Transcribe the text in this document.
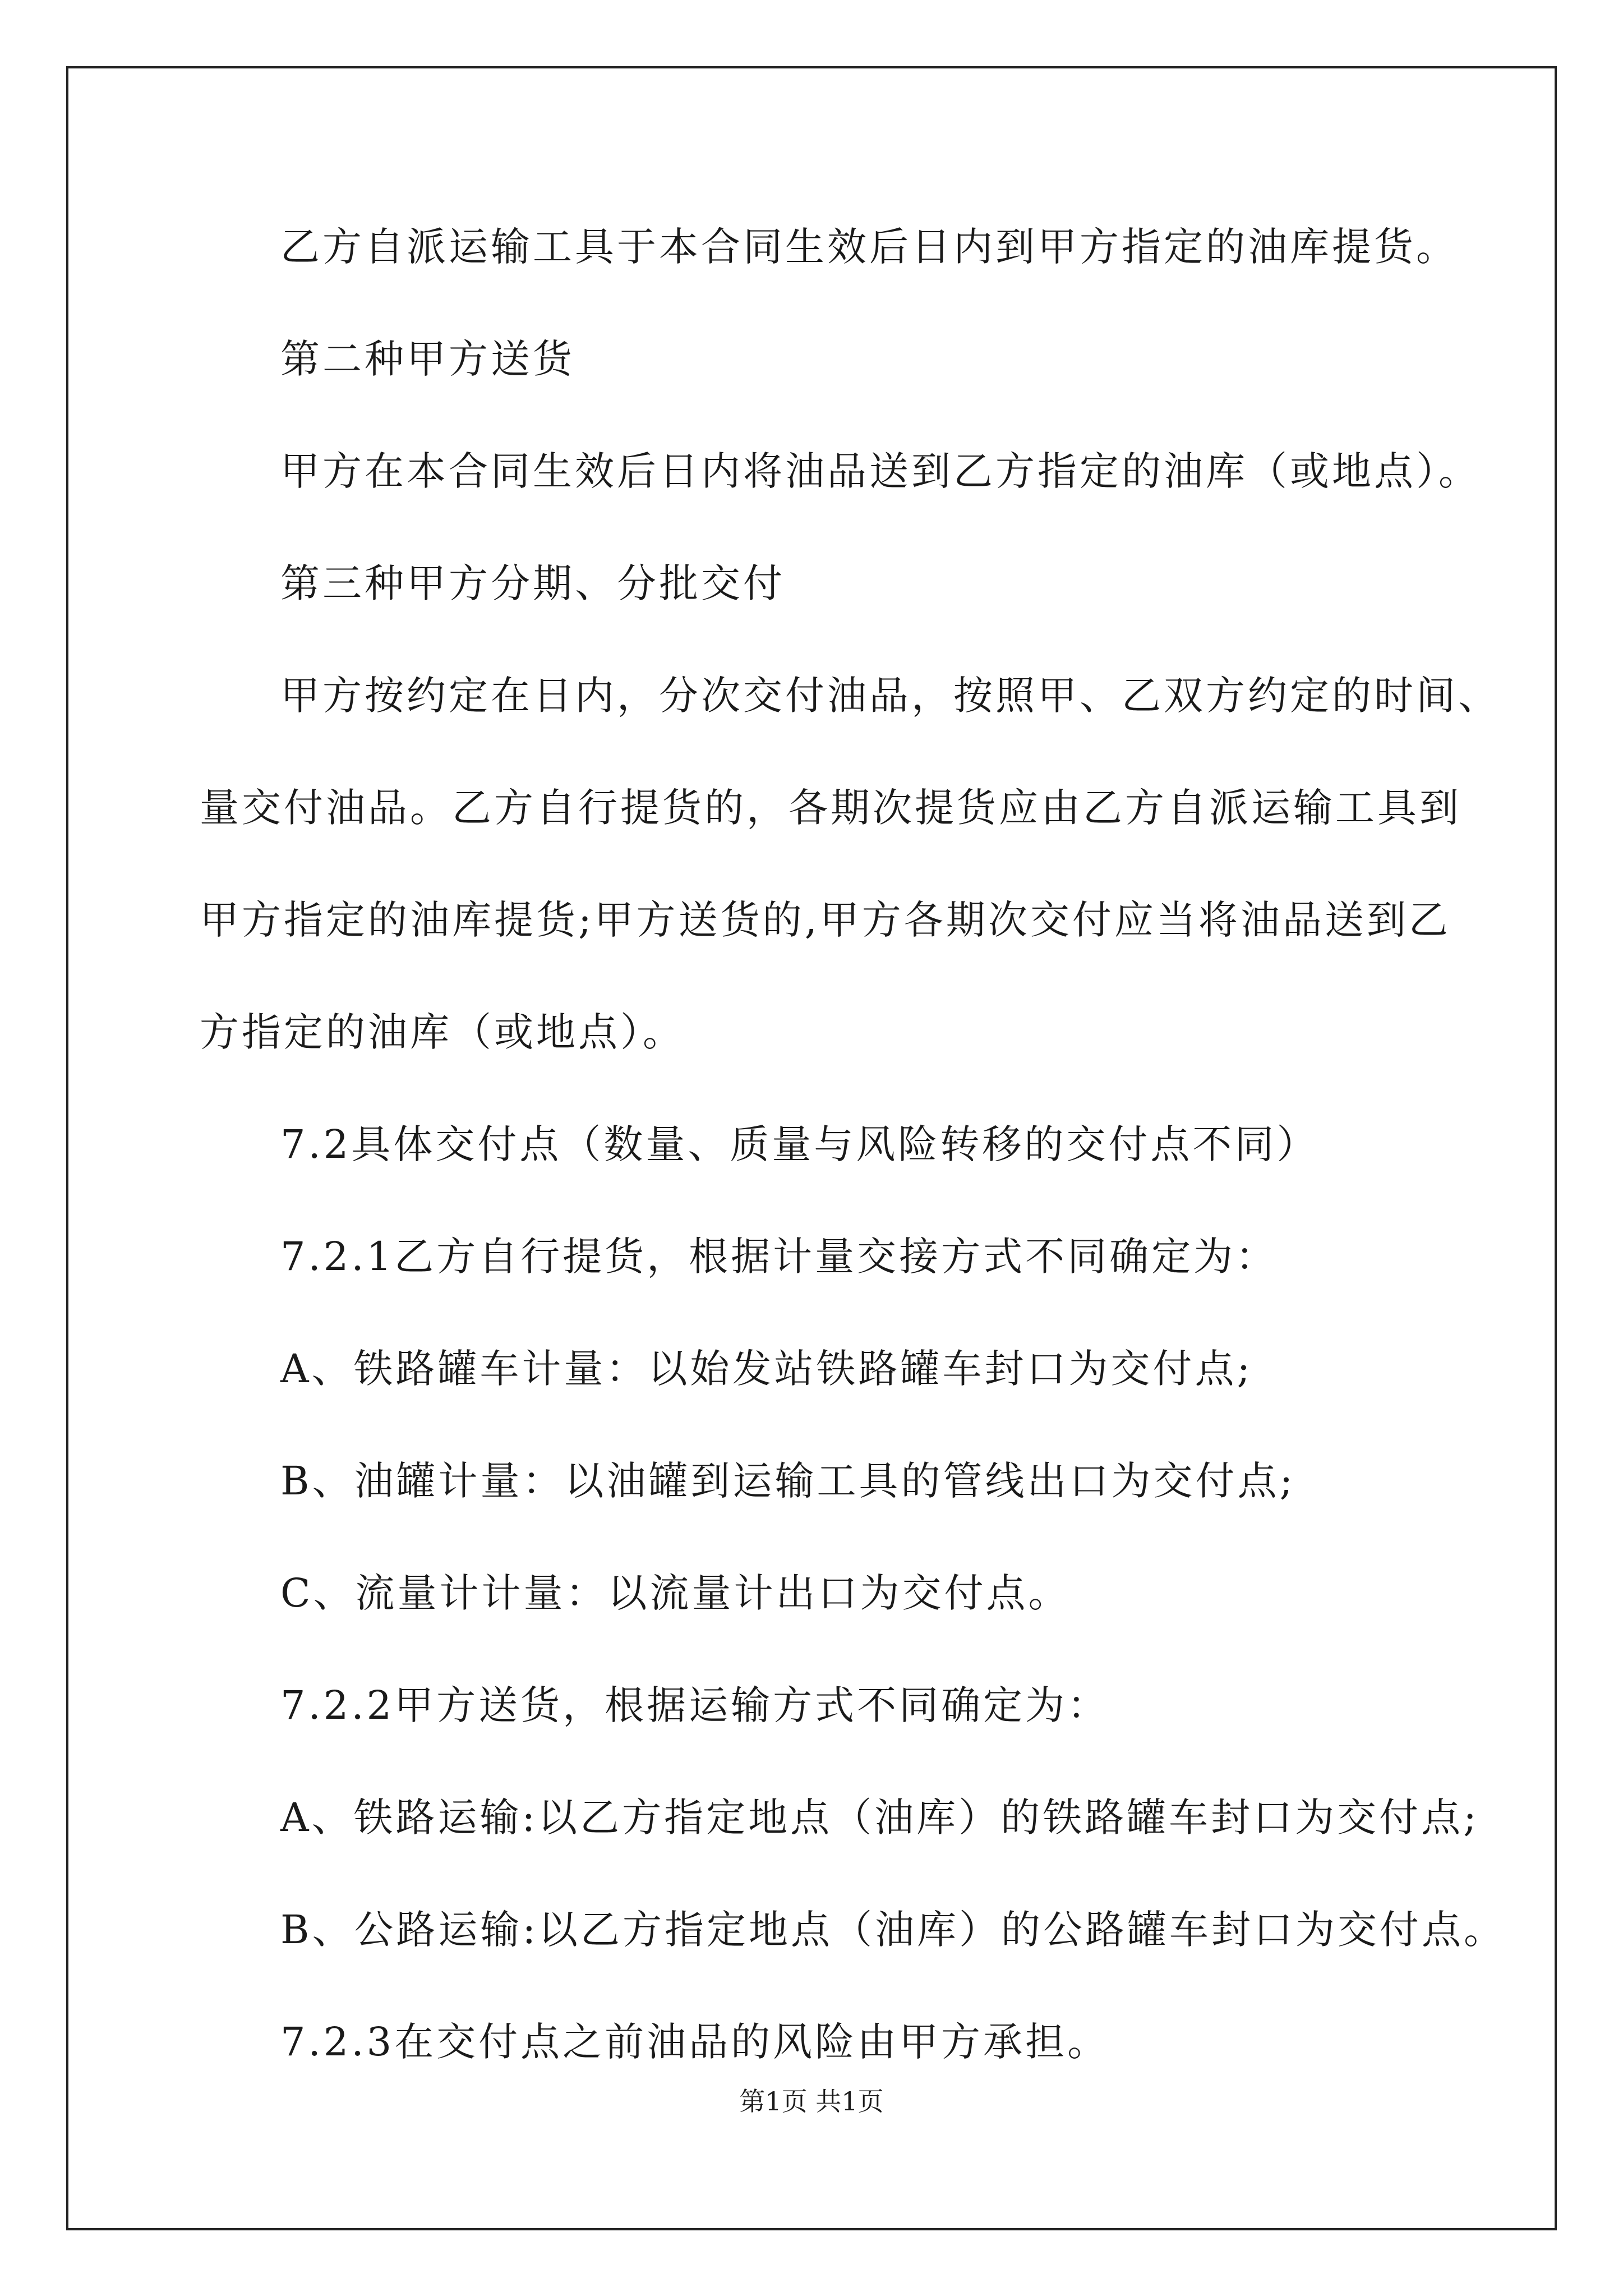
乙方自派运输工具于本合同生效后日内到甲方指定的油库提货。
第二种甲方送货
甲方在本合同生效后日内将油品送到乙方指定的油库（或地点）。
第三种甲方分期、分批交付
甲方按约定在日内，分次交付油品，按照甲、乙双方约定的时间、
量交付油品。乙方自行提货的，各期次提货应由乙方自派运输工具到
甲方指定的油库提货;甲方送货的,甲方各期次交付应当将油品送到乙
方指定的油库（或地点）。
7.2具体交付点（数量、质量与风险转移的交付点不同）
7.2.1乙方自行提货，根据计量交接方式不同确定为：
A、铁路罐车计量：以始发站铁路罐车封口为交付点;
B、油罐计量：以油罐到运输工具的管线出口为交付点;
C、流量计计量：以流量计出口为交付点。
7.2.2甲方送货，根据运输方式不同确定为：
A、铁路运输:以乙方指定地点（油库）的铁路罐车封口为交付点;
B、公路运输:以乙方指定地点（油库）的公路罐车封口为交付点。
7.2.3在交付点之前油品的风险由甲方承担。
第1页 共1页
